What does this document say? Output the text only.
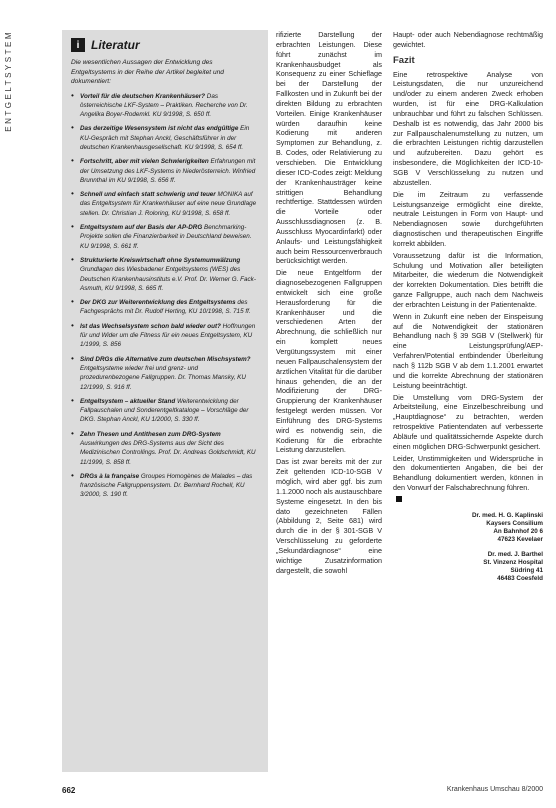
ENTGELTSYSTEM	i Literatur
Die wesentlichen Aussagen der Entwicklung des Entgeltsystems in der Reihe der Artikel begleitet und dokumentiert:
• Vorteil für die deutschen Krankenhäuser? Das österreichische LKF-System – Praktiken. Recherche von Dr. Angelika Boyer-Rodemkl. KU 9/1998, S. 650 ff.
• Das derzeitige Wesensystem ist nicht das endgültige Ein KU-Gespräch mit Stephan Anckl, Geschäftsführer in der deutschen Krankenhausgesellschaft. KU 9/1998, S. 654 ff.
• Fortschritt, aber mit vielen Schwierigkeiten Erfahrungen mit der Umsetzung des LKF-Systems in Niederösterreich. Winfried Brunnthal im KU 9/1998, S. 656 ff.
• Schnell und einfach statt schwierig und teuer MONIKA auf das Entgeltsystem für Krankenhäuser auf eine neue Grundlage stellen. Dr. Christian J. Roloring, KU 9/1998, S. 658 ff.
• Entgeltsystem auf der Basis der AP-DRG Benchmarking-Projekte sollen die Finanzierbarkeit in Deutschland beweisen. KU 9/1998, S. 661 ff.
• Strukturierte Kreiswirtschaft ohne Systemumwälzung Grundlagen des Wiesbadener Entgeltsystems (WES) des Deutschen Krankenhausinstituts e.V. Prof. Dr. Werner G. Fack-Asmuth, KU 9/1998, S. 665 ff.
• Der DKG zur Weiterentwicklung des Entgeltsystems des Fachgesprächs mit Dr. Rudolf Herting, KU 10/1998, S. 715 ff.
• Ist das Wechselsystem schon bald wieder out? Hoffnungen für und Wider um die Fitness für ein neues Entgeltsystem, KU 1/1999, S. 856
• Sind DRGs die Alternative zum deutschen Mischsystem? Entgeltsysteme wieder frei und grenz- und prozedurenbezogene Fallgruppen. Dr. Thomas Mansky, KU 12/1999, S. 916 ff.
• Entgeltsystem – aktueller Stand Weiterentwicklung der Fallpauschalen und Sonderentgeltkataloge – Vorschläge der DKG. Stephan Anckl, KU 1/2000, S. 330 ff.
• Zehn Thesen und Antithesen zum DRG-System Auswirkungen des DRG-Systems aus der Sicht des Medizinischen Controllings. Prof. Dr. Andreas Goldschmidt, KU 11/1999, S. 858 ff.
• DRGs à la française Groupes Homogènes de Malades – das französische Fallgruppensystem. Dr. Bernhard Rochell, KU 3/2000, S. 190 ff.

rifizierte Darstellung der erbrachten Leistungen. Diese führt zunächst im Krankenhausbudget als Konsequenz zu einer Schieflage bei der Darstellung der Fallkosten und in Zukunft bei der direkten Bildung zu erbrachten Vorteilen. Einige Krankenhäuser würden daraufhin keine Kodierung mit anderen Symptomen zur Behandlung, z. B. Codes, oder Relativierung zu verschieben. Die Entwicklung dieser ICD-Codes zeigt: Meldung der Krankenhausträger keine strittigen Behandlung rechtfertige. Stattdessen würden die Vorteile oder Ausschlussdiagnosen (z. B. Ausschluss Myocardinfarkt) oder Anlaufs- und Leistungsfähigkeit auch beim Ressourcenverbrauch berücksichtigt werden.

Die neue Entgeltform der diagnosebezogenen Fallgruppen entwickelt sich eine große Herausforderung für die Krankenhäuser und die verschiedenen Arten der Abrechnung, die schließlich nur ein komplett neues Vergütungssystem mit einer neuen Fallpauschalensystem der ärztlichen Vitalität für die darüber hinaus gehenden, die an der Modifizierung der DRG-Gruppierung der Krankenhäuser festgelegt werden müssen. Vor Einführung des DRG-Systems wird es notwendig sein, die Kodierung für die erbrachte Leistung darzustellen.

Das ist zwar bereits mit der zur Zeit geltenden ICD-10-SGB V möglich, wird aber ggf. bis zum 1.1.2000 noch als austauschbare Systeme eingesetzt. In den bis dato gezeichneten Fällen (Abbildung 2, Seite 681) wird durch die in der § 301-SGB V Verschlüsselung zu geforderte „Sekundärdiagnose“ eine wichtige Zusatzinformation dargestellt, die sowohl

Haupt- oder auch Nebendiagnose rechtmäßig gewichtet.

Fazit

Eine retrospektive Analyse von Leistungsdaten, die nur unzureichend und/oder zu einem anderen Zweck erhoben wurden, ist für eine DRG-Kalkulation unbrauchbar und führt zu falschen Schlüssen. Deshalb ist es notwendig, das Jahr 2000 bis zur Fallpauschalenumstellung zu nutzen, um die erbrachten Leistungen richtig darzustellen und aufzubereiten. Dazu gehört es insbesondere, die Möglichkeiten der ICD-10-SGB V Verschlüsselung zu nutzen und abzustellen.

Die im Zeitraum zu verfassende Leistungsanzeige ermöglicht eine direkte, neutrale Leistungen in Form von Haupt- und Nebendiagnosen sowie durchgeführten diagnostischen und therapeutischen Eingriffe korrekt abbilden.

Voraussetzung dafür ist die Information, Schulung und Motivation aller beteiligten Mitarbeiter, die wiederum die Notwendigkeit der korrekten Dokumentation. Dies betrifft die ganze Fallgruppe, auch nach dem Nachweis der erbrachten Leistung in der Patientenakte.

Wenn in Zukunft eine neben der Einspeisung auf die Notwendigkeit der stationären Behandlung nach § 39 SGB V (Stellwerk) für eine Leistungsprüfung/AEP-Verfahren/Potential entbindender Überleitung nach § 112b SGB V ab dem 1.1.2001 erwartet und die korrekte Abrechnung der stationären Leistung beeinträchtigt.

Die Umstellung vom DRG-System der Arbeitsteilung, eine Einzelbeschreibung und „Hauptdiagnose“ zu betrachten, werden retrospektive Patientendaten auf verbesserte Abläufe und qualitätssichernde Aspekte durch einen möglichen DRG-Schwerpunkt gesichert.

Leider, Unstimmigkeiten und Widersprüche in den dokumentierten Angaben, die bei der Behandlung dokumentiert werden, können in den Vorwurf der Falschabrechnung führen.

Dr. med. H. G. Kaplinski
Kaysers Consilium
An Bahnhof 20 6
47623 Kevelaer
Dr. med. J. Barthel
St. Vinzenz Hospital
Südring 41
46483 Coesfeld
662	Krankenhaus Umschau 8/2000
